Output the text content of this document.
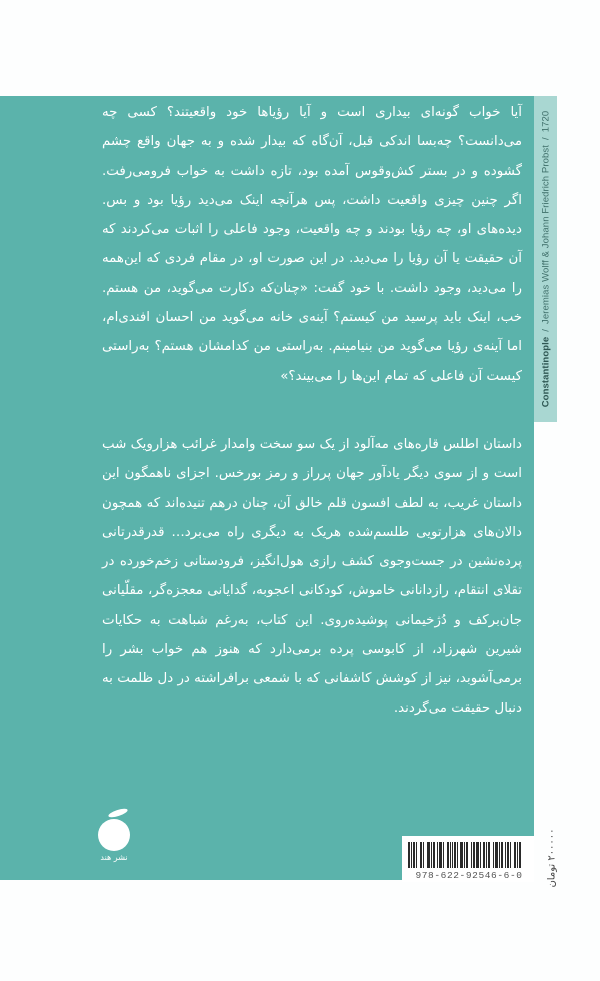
Constantinople/Jeremias Wolff & Johann Friedrich Probst/1720

آیا خواب گونه‌ای بیداری است و آیا رؤیاها خود واقعیتند؟ کسی چه می‌دانست؟ چه‌بسا اندکی قبل، آن‌گاه که بیدار شده و به جهان واقع چشم گشوده و در بستر کش‌وقوس آمده بود، تازه داشت به خواب فرومی‌رفت. اگر چنین چیزی واقعیت داشت، پس هرآنچه اینک می‌دید رؤیا بود و بس. دیده‌های او، چه رؤیا بودند و چه واقعیت، وجود فاعلی را اثبات می‌کردند که آن حقیقت یا آن رؤیا را می‌دید. در این صورت او، در مقام فردی که این‌همه را می‌دید، وجود داشت. با خود گفت: «چنان‌که دکارت می‌گوید، من هستم. خب، اینک باید پرسید من کیستم؟ آینه‌ی خانه می‌گوید من احسان افندی‌ام، اما آینه‌ی رؤیا می‌گوید من بنیامینم. به‌راستی من کدامشان هستم؟ به‌راستی کیست آن فاعلی که تمام این‌ها را می‌بیند؟»

داستان اطلس قاره‌های مه‌آلود از یک سو سخت وامدار غرائب هزارویک شب است و از سوی دیگر یادآور جهان پرراز و رمز بورخس. اجزای ناهمگون این داستان غریب، به لطف افسون قلم خالق آن، چنان درهم تنیده‌اند که همچون دالان‌های هزارتویی طلسم‌شده هریک به دیگری راه می‌برد… قدرقدرتانی پرده‌نشین در جست‌وجوی کشف رازی هول‌انگیز، فرودستانی زخم‌خورده در تقلای انتقام، رازدانانی خاموش، کودکانی اعجوبه، گدایانی معجزه‌گر، مقلّیانی جان‌برکف و دُژخیمانی پوشیده‌روی. این کتاب، به‌رغم شباهت به حکایات شیرین شهرزاد، از کابوسی پرده برمی‌دارد که هنوز هم خواب بشر را برمی‌آشوبد، نیز از کوشش کاشفانی که با شمعی برافراشته در دل ظلمت به دنبال حقیقت می‌گردند.

نشر هند
978-622-92546-6-0	۲۰۰۰۰۰ تومان
